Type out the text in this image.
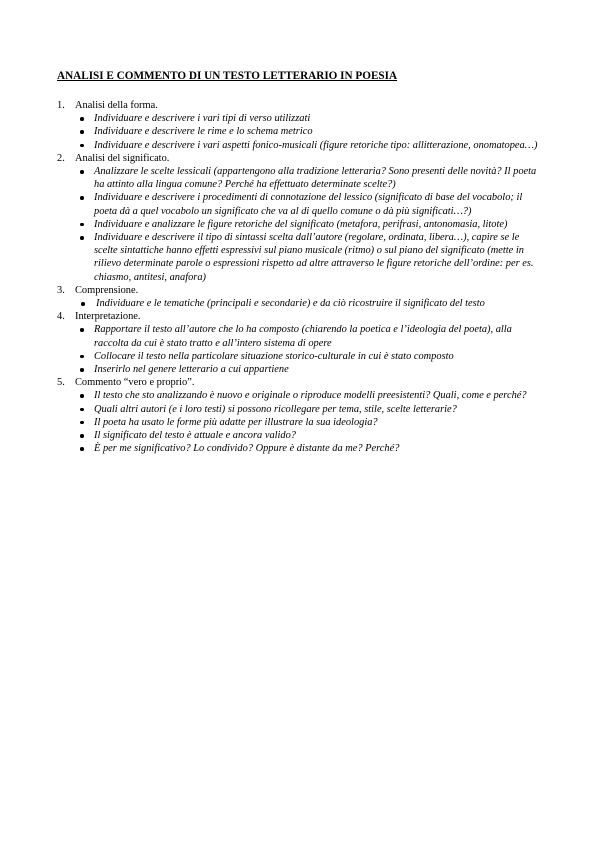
ANALISI E COMMENTO DI UN TESTO LETTERARIO IN POESIA
1. Analisi della forma.
Individuare e descrivere i vari tipi di verso utilizzati
Individuare e descrivere le rime e lo schema metrico
Individuare e descrivere i vari aspetti fonico-musicali (figure retoriche tipo: allitterazione, onomatopea…)
2. Analisi del significato.
Analizzare le scelte lessicali (appartengono alla tradizione letteraria? Sono presenti delle novità? Il poeta ha attinto alla lingua comune? Perché ha effettuato determinate scelte?)
Individuare e descrivere i procedimenti di connotazione del lessico (significato di base del vocabolo; il poeta dà a quel vocabolo un significato che va al di quello comune o dà più significati…?)
Individuare e analizzare le figure retoriche del significato (metafora, perifrasi, antonomasia, litote)
Individuare e descrivere il tipo di sintassi scelta dall’autore (regolare, ordinata, libera…), capire se le scelte sintattiche hanno effetti espressivi sul piano musicale (ritmo) o sul piano del significato (mette in rilievo determinate parole o espressioni rispetto ad altre attraverso le figure retoriche dell’ordine: per es. chiasmo, antitesi, anafora)
3. Comprensione.
Individuare e le tematiche (principali e secondarie) e da ciò ricostruire il significato del testo
4. Interpretazione.
Rapportare il testo all’autore che lo ha composto (chiarendo la poetica e l’ideologia del poeta), alla raccolta da cui è stato tratto e all’intero sistema di opere
Collocare il testo nella particolare situazione storico-culturale in cui è stato composto
Inserirlo nel genere letterario a cui appartiene
5. Commento “vero e proprio”.
Il testo che sto analizzando è nuovo e originale o riproduce modelli preesistenti? Quali, come e perché?
Quali altri autori (e i loro testi) si possono ricollegare per tema, stile, scelte letterarie?
Il poeta ha usato le forme più adatte per illustrare la sua ideologia?
Il significato del testo è attuale e ancora valido?
È per me significativo? Lo condivido? Oppure è distante da me? Perché?
